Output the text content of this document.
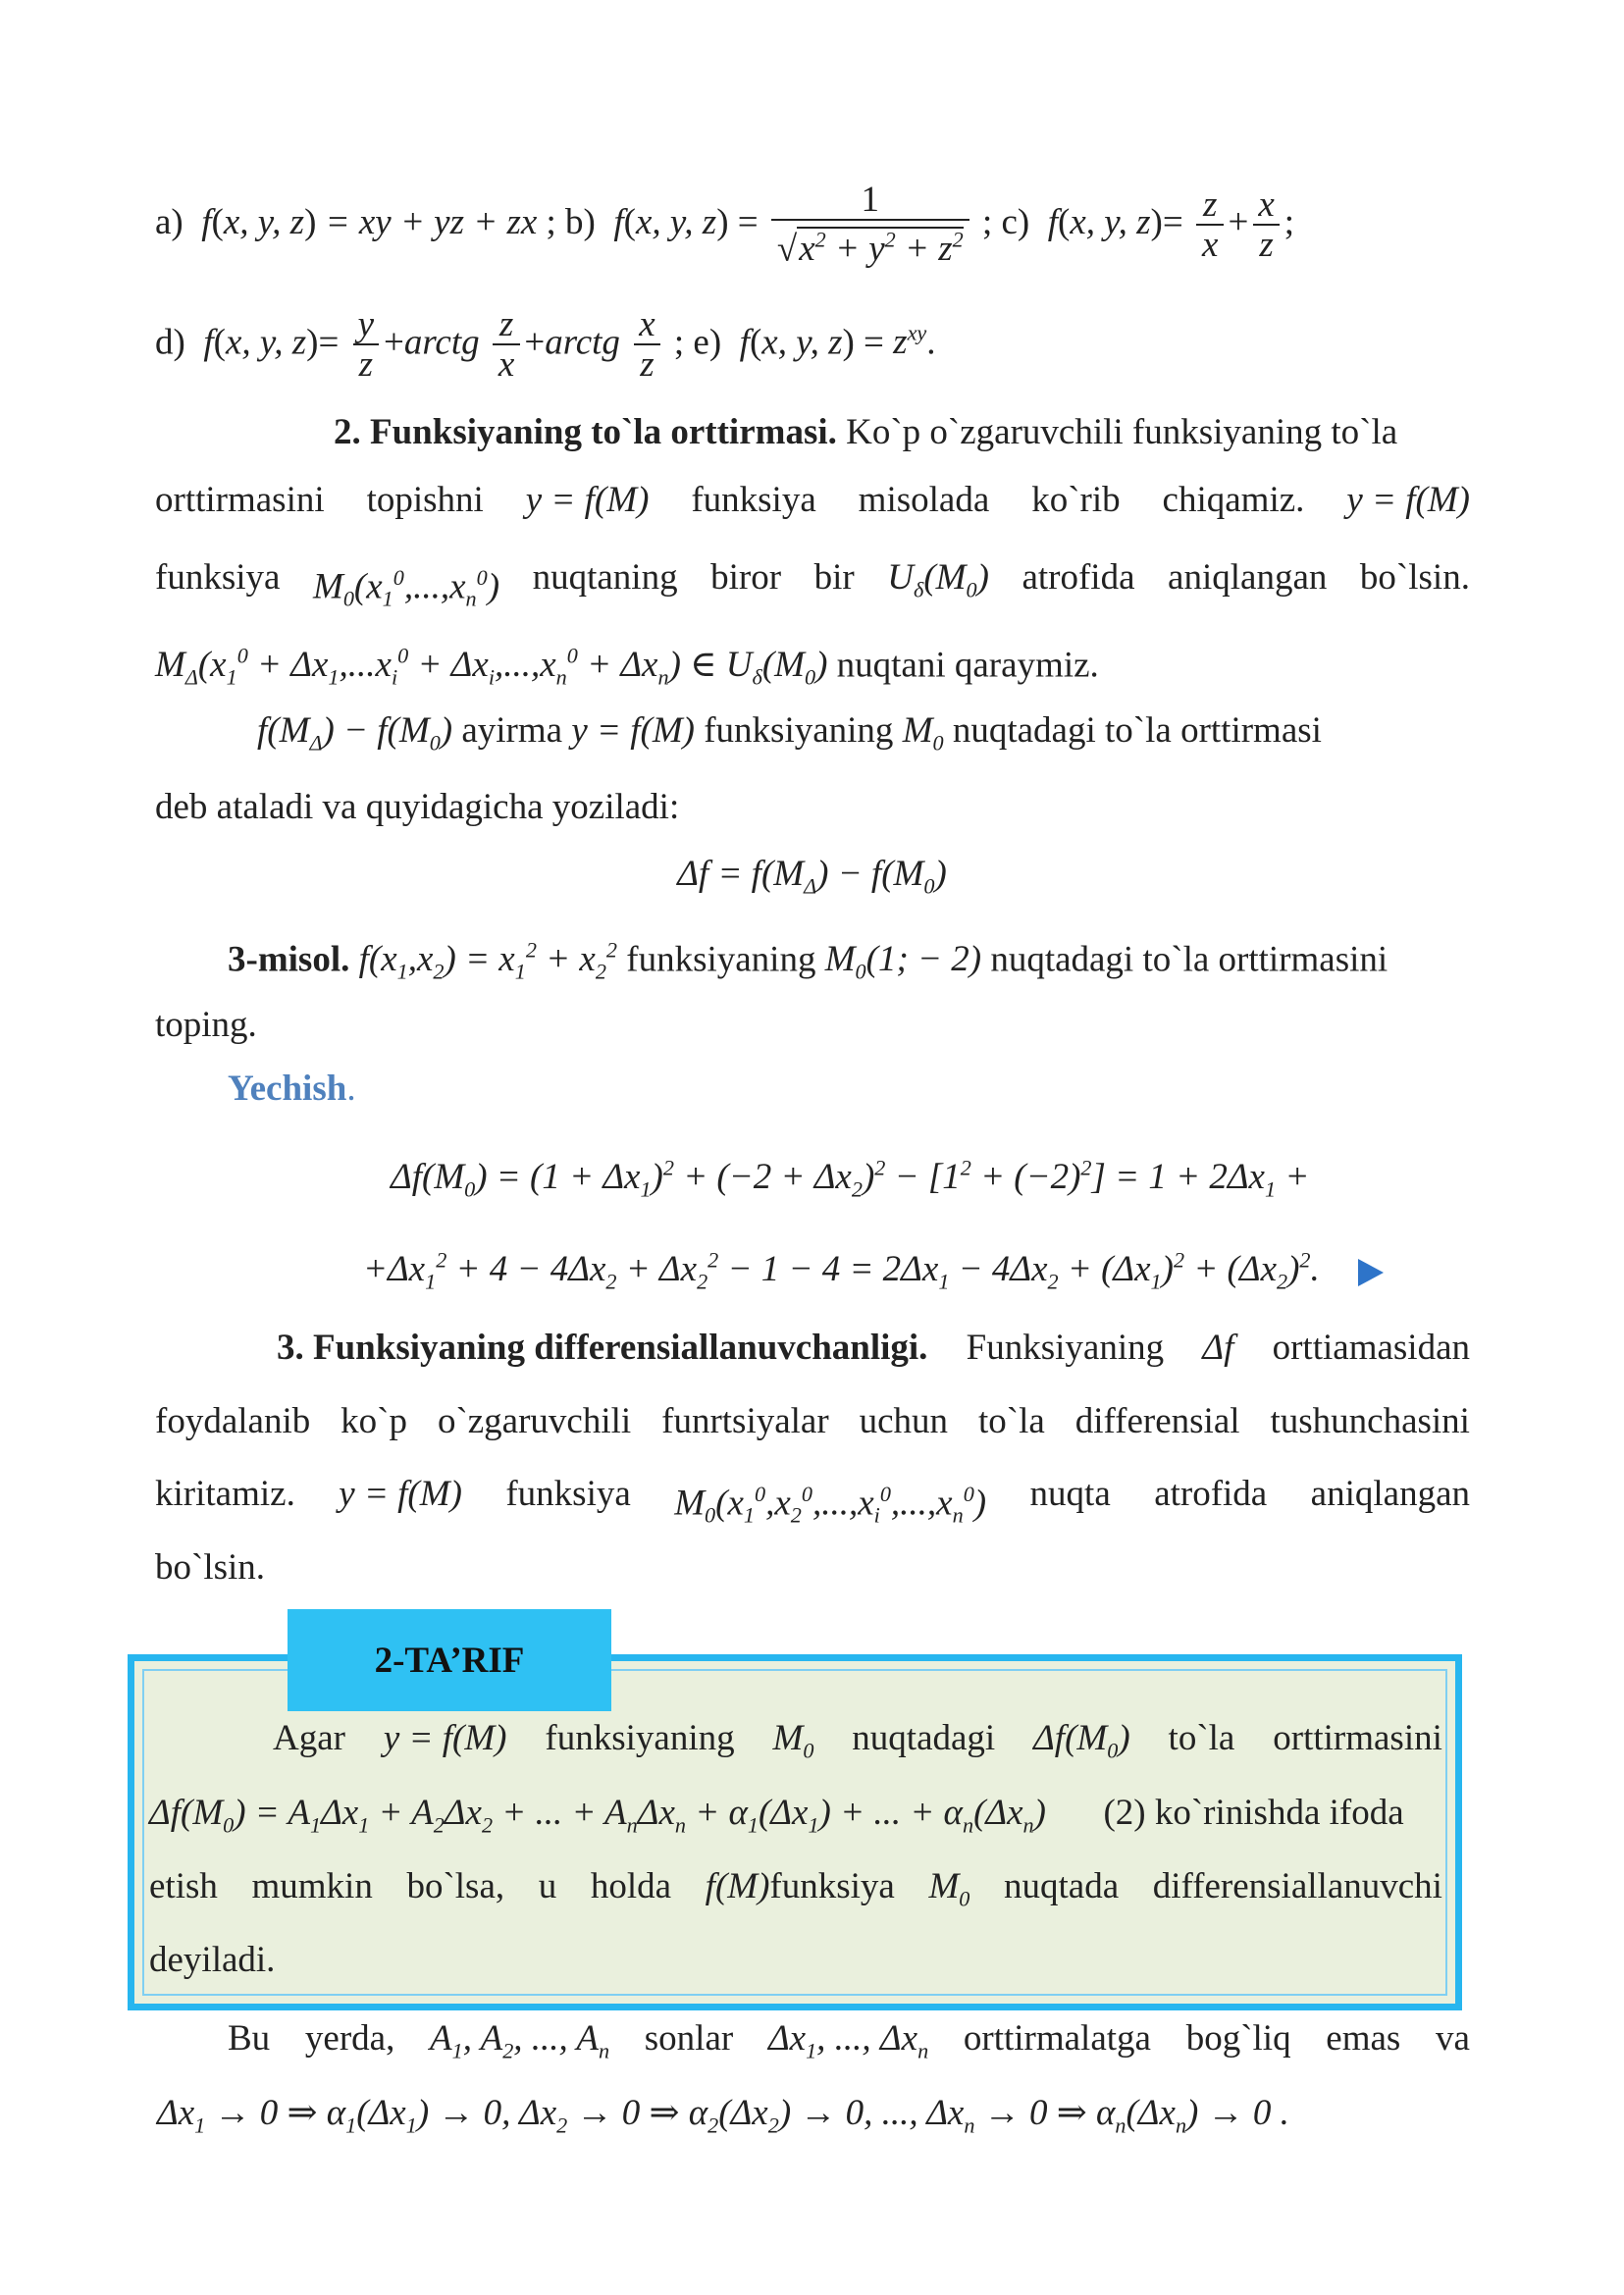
a)  f(x, y, z) = xy + yz + zx ; b)  f(x, y, $z) = \frac{1}{√x^2 + y^2 + z^2}$ ; c)  f(x, y, $z)= \frac{z}{x} + \frac{x}{z}$ ;
d)  f(x, y, $z)= \frac{y}{z}$ +arctg $\frac{z}{x}$ +arctg $\frac{x}{z}$ ; e)  f(x, y, $z) = z^{xy}$.
2. Funksiyaning to`la orttirmasi. Ko`p o`zgaruvchili funksiyaning to`la
orttirmasini topishni y = f(M) funksiya misolada ko`rib chiqamiz. y = f(M)
funksiya $M_0(x_1^0,...,x_n^0)$ nuqtaning biror bir $U_\delta(M_0)$ atrofida aniqlangan bo`lsin.
$M_\Delta(x_1^0 + \Delta x_1,...x_i^0 + \Delta x_i,...,x_n^0 + \Delta x_n)$ ∈ $U_\delta(M_0)$ nuqtani qaraymiz.
$f(M_\Delta) - f(M_0)$ ayirma y = f(M) funksiyaning $M_0$ nuqtadagi to`la orttirmasi
deb ataladi va quyidagicha yoziladi:
$\Delta f = f(M_\Delta) - f(M_0)$
3-misol. $f(x_1,x_2) = x_1^2 + x_2^2$ funksiyaning $M_0(1$; − 2) nuqtadagi to`la orttirmasini
toping.
Yechish.
$\Delta f(M_0) = (1 + \Delta x_1)^2 + (-2 + \Delta x_2)^2 - [1^2 + (-2)^2] = 1 + 2\Delta x_1$ +
$+\Delta x_1^2 + 4 - 4\Delta x_2 + \Delta x_2^2 - 1 - 4 = 2\Delta x_1 - 4\Delta x_2 + (\Delta x_1)^2 + (\Delta x_2)^2$.
3. Funksiyaning differensiallanuvchanligi. Funksiyaning Δf orttiamasidan
foydalanib ko`p o`zgaruvchili funrtsiyalar uchun to`la differensial tushunchasini
kiritamiz. y = f(M) funksiya $M_0(x_1^0,x_2^0,...,x_i^0,...,x_n^0)$ nuqta atrofida aniqlangan
bo`lsin.
2-TA’RIF
Agar y = f(M) funksiyaning $M_0$ nuqtadagi $\Delta f(M_0)$ to`la orttirmasini
$\Delta f(M_0) = A_1\Delta x_1 + A_2\Delta x_2$ + ... + $A_n\Delta x_n + \alpha_1(\Delta x_1)$ + ... + $\alpha_n(\Delta x_n)$ (2) ko`rinishda ifoda
etish mumkin bo`lsa, u holda f(M)funksiya $M_0$ nuqtada differensiallanuvchi
deyiladi.
Bu yerda, $A_1$, $A_2$, ..., $A_n$ sonlar $\Delta x_1$, ..., $\Delta x_n$ orttirmalatga bog`liq emas va
$\Delta x_1 \to 0$ ⇒ $\alpha_1(\Delta x_1) \to 0$, $\Delta x_2 \to 0$ ⇒ $\alpha_2(\Delta x_2) \to 0$, ..., $\Delta x_n \to 0$ ⇒ $\alpha_n(\Delta x_n) \to 0$ .
